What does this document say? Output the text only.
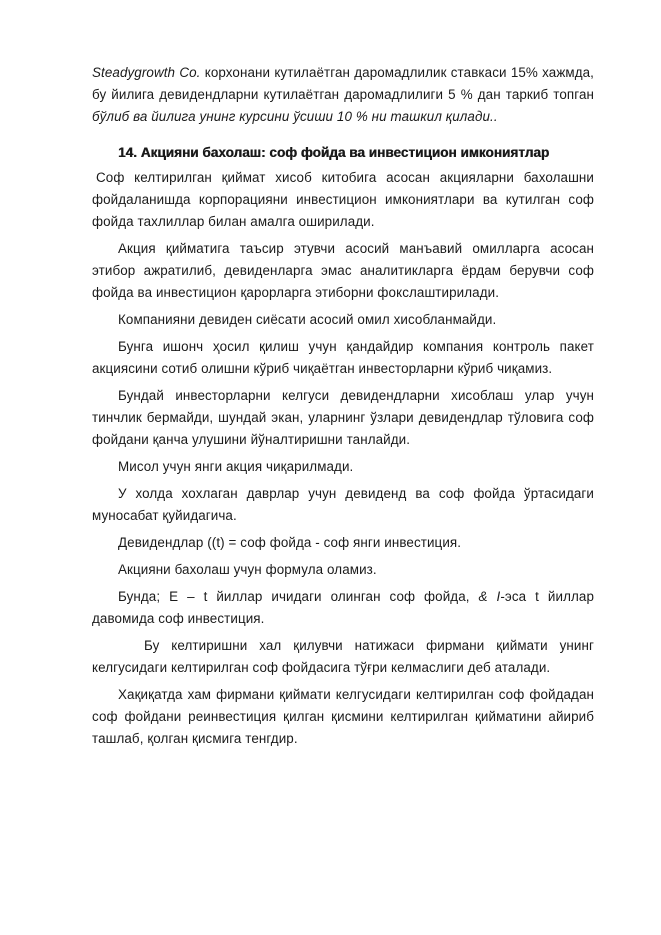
Steadygrowth Co. корхонани кутилаётган даромадлилик ставкаси 15% хажмда, бу йилига девидендларни кутилаётган даромадлилиги 5 % дан таркиб топган бўлиб ва йилига унинг курсини ўсиши 10 % ни ташкил қилади..

14. Акцияни бахолаш: соф фойда ва инвестицион имкониятлар

Соф келтирилган қиймат хисоб китобига асосан акцияларни бахолашни фойдаланишда корпорацияни инвестицион имкониятлари ва кутилган соф фойда тахлиллар билан амалга оширилади.

Акция қийматига таъсир этувчи асосий манъавий омилларга асосан этибор ажратилиб, девиденларга эмас аналитикларга ёрдам берувчи соф фойда ва инвестицион қарорларга этиборни фокслаштирилади.

Компанияни девиден сиёсати асосий омил хисобланмайди.

Бунга ишонч ҳосил қилиш учун қандайдир компания контроль пакет акциясини сотиб олишни кўриб чиқаётган инвесторларни кўриб чиқамиз.

Бундай инвесторларни келгуси девидендларни хисоблаш улар учун тинчлик бермайди, шундай экан, уларнинг ўзлари девидендлар тўловига соф фойдани қанча улушини йўналтиришни танлайди.

Мисол учун янги акция чиқарилмади.

У холда хохлаган даврлар учун девиденд ва соф фойда ўртасидаги муносабат қуйидагича.

Девидендлар ((t) = соф фойда - соф янги инвестиция.

Акцияни бахолаш учун формула оламиз.

Бунда; E – t йиллар ичидаги олинган соф фойда, & I-эса t йиллар давомида соф инвестиция.

Бу келтиришни хал қилувчи натижаси фирмани қиймати унинг келгусидаги келтирилган соф фойдасига тўғри келмаслиги деб аталади.

Хақиқатда хам фирмани қиймати келгусидаги келтирилган соф фойдадан соф фойдани реинвестиция қилган қисмини келтирилган қийматини айириб ташлаб, қолган қисмига тенгдир.
